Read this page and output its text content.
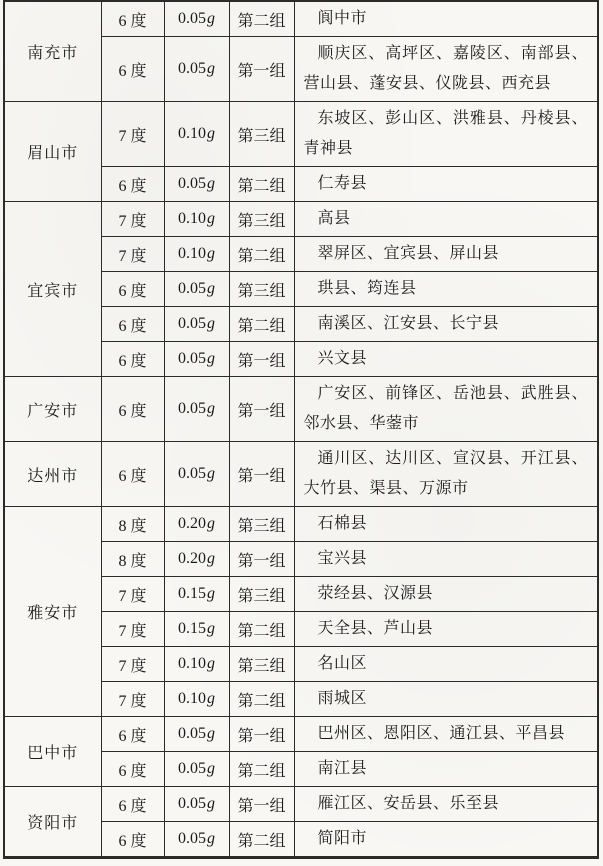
南充市	6 度	0.05g	第二组	阆中市

	6 度	0.05g	第一组	顺庆区、高坪区、嘉陵区、南部县、营山县、蓬安县、仪陇县、西充县

眉山市	7 度	0.10g	第三组	东坡区、彭山区、洪雅县、丹棱县、青神县

	6 度	0.05g	第二组	仁寿县

宜宾市	7 度	0.10g	第三组	高县

	7 度	0.10g	第二组	翠屏区、宜宾县、屏山县

	6 度	0.05g	第三组	珙县、筠连县

	6 度	0.05g	第二组	南溪区、江安县、长宁县

	6 度	0.05g	第一组	兴文县

广安市	6 度	0.05g	第一组	广安区、前锋区、岳池县、武胜县、邻水县、华蓥市

达州市	6 度	0.05g	第一组	通川区、达川区、宣汉县、开江县、大竹县、渠县、万源市

雅安市	8 度	0.20g	第三组	石棉县

	8 度	0.20g	第一组	宝兴县

	7 度	0.15g	第三组	荥经县、汉源县

	7 度	0.15g	第二组	天全县、芦山县

	7 度	0.10g	第三组	名山区

	7 度	0.10g	第二组	雨城区

巴中市	6 度	0.05g	第一组	巴州区、恩阳区、通江县、平昌县

	6 度	0.05g	第二组	南江县

资阳市	6 度	0.05g	第一组	雁江区、安岳县、乐至县

	6 度	0.05g	第二组	简阳市
